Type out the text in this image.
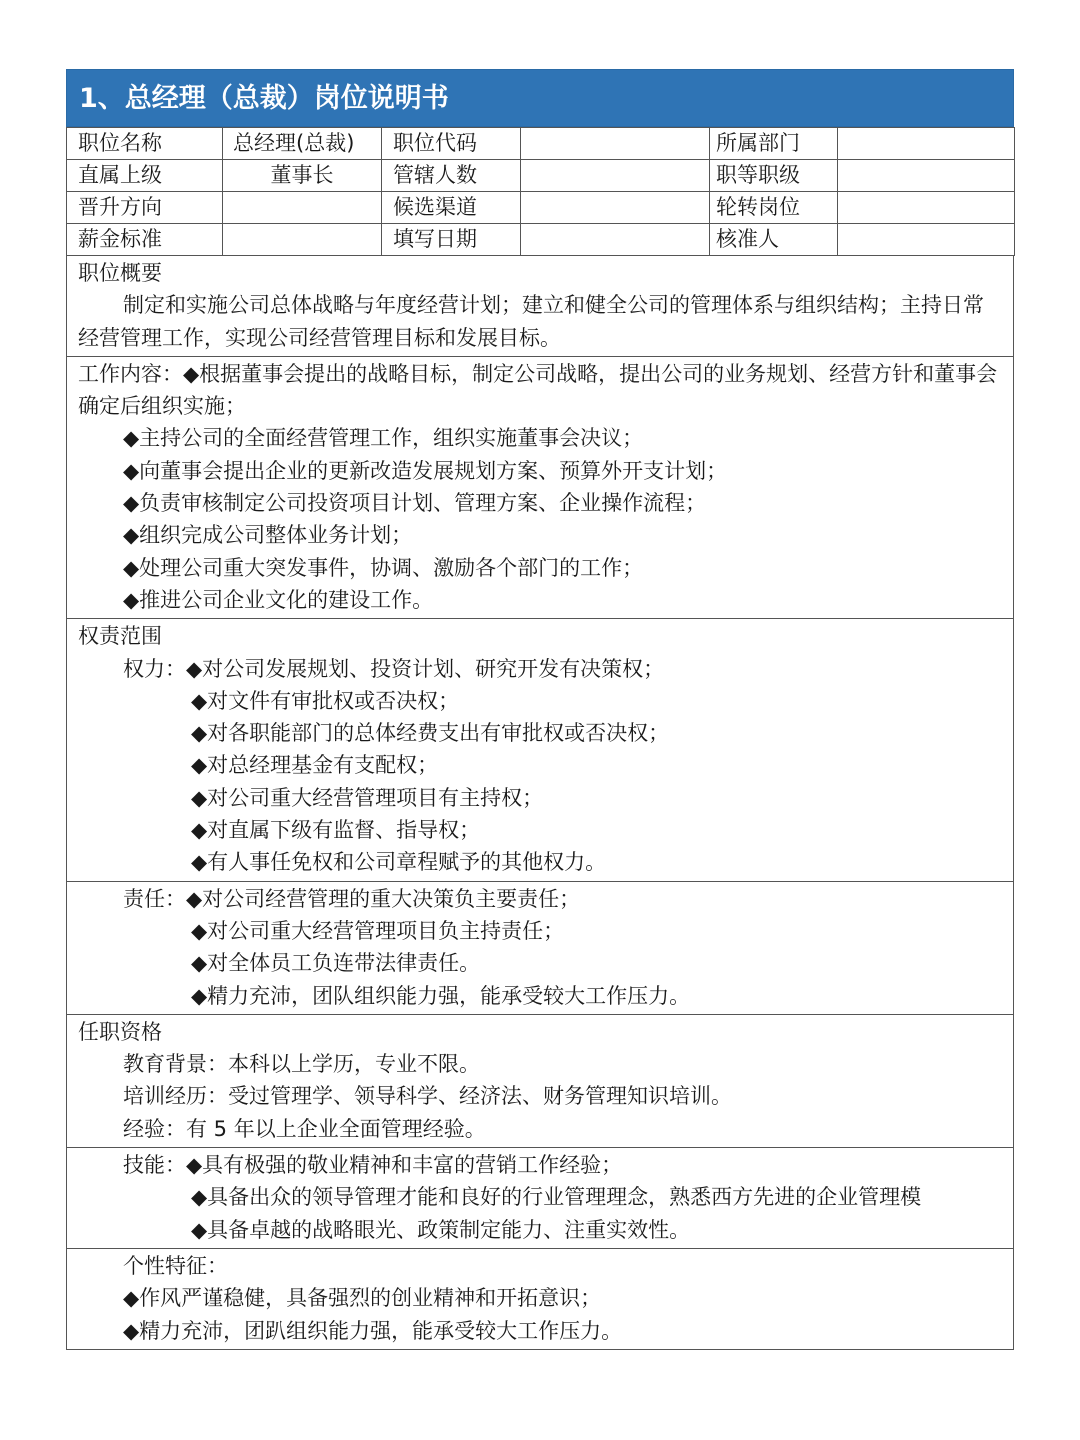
1、总经理（总裁）岗位说明书
职位名称	总经理(总裁)	职位代码		所属部门	
直属上级	董事长	管辖人数		职等职级	
晋升方向		候选渠道		轮转岗位	
薪金标准		填写日期		核准人	
职位概要
制定和实施公司总体战略与年度经营计划；建立和健全公司的管理体系与组织结构；主持日常经营管理工作，实现公司经营管理目标和发展目标。
工作内容：◆根据董事会提出的战略目标，制定公司战略，提出公司的业务规划、经营方针和董事会确定后组织实施；
◆主持公司的全面经营管理工作，组织实施董事会决议；
◆向董事会提出企业的更新改造发展规划方案、预算外开支计划；
◆负责审核制定公司投资项目计划、管理方案、企业操作流程；
◆组织完成公司整体业务计划；
◆处理公司重大突发事件，协调、激励各个部门的工作；
◆推进公司企业文化的建设工作。
权责范围
权力：◆对公司发展规划、投资计划、研究开发有决策权；
◆对文件有审批权或否决权；
◆对各职能部门的总体经费支出有审批权或否决权；
◆对总经理基金有支配权；
◆对公司重大经营管理项目有主持权；
◆对直属下级有监督、指导权；
◆有人事任免权和公司章程赋予的其他权力。
责任：◆对公司经营管理的重大决策负主要责任；
◆对公司重大经营管理项目负主持责任；
◆对全体员工负连带法律责任。
◆精力充沛，团队组织能力强，能承受较大工作压力。
任职资格
教育背景：本科以上学历，专业不限。
培训经历：受过管理学、领导科学、经济法、财务管理知识培训。
经验：有 5 年以上企业全面管理经验。
技能：◆具有极强的敬业精神和丰富的营销工作经验；
◆具备出众的领导管理才能和良好的行业管理理念，熟悉西方先进的企业管理模
◆具备卓越的战略眼光、政策制定能力、注重实效性。
个性特征：
◆作风严谨稳健，具备强烈的创业精神和开拓意识；
◆精力充沛，团趴组织能力强，能承受较大工作压力。
